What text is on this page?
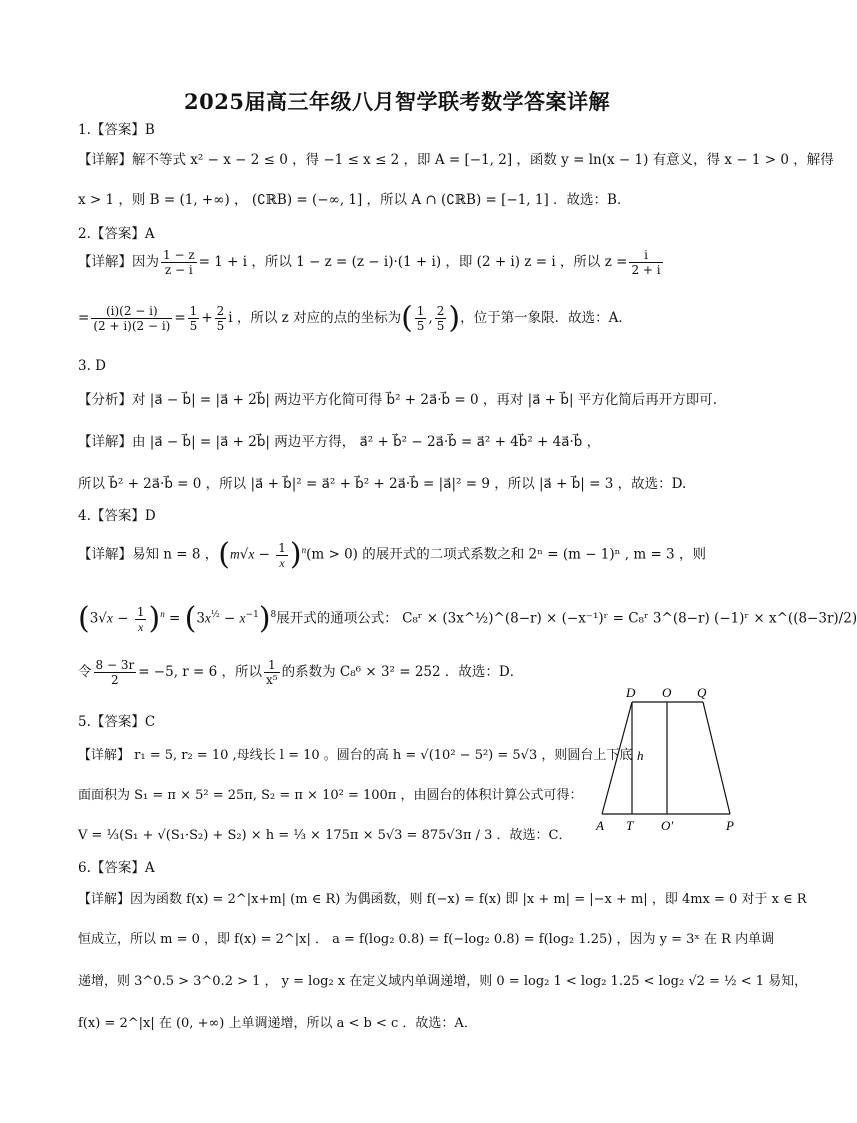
2025届高三年级八月智学联考数学答案详解
1.【答案】B
【详解】解不等式 x² − x − 2 ≤ 0 ，得 −1 ≤ x ≤ 2 ，即 A = [−1, 2] ，函数 y = ln(x − 1) 有意义，得 x − 1 > 0 ，解得
x > 1 ，则 B = (1, +∞) ， (∁ℝB) = (−∞, 1] ，所以 A ∩ (∁ℝB) = [−1, 1] ．故选：B．
2.【答案】A
【详解】因为 $\frac{1 - z}{z - i} = 1 + i$ ，所以 1 − z = (z − i)·(1 + i) ，即 (2 + i) z = i ，所以 $z = \frac{i}{2 + i}$
= $\frac{(i)(2 - i)}{(2 + i)(2 - i)} = \frac{1}{5} + \frac{2}{5}$ i ，所以 z 对应的点的坐标为( $\frac{1}{5}$ , $\frac{2}{5}$ )，位于第一象限．故选：A．
3. D
【分析】对 |a⃗ − b⃗| = |a⃗ + 2b⃗| 两边平方化简可得 b⃗² + 2a⃗·b⃗ = 0 ，再对 |a⃗ + b⃗| 平方化简后再开方即可.
【详解】由 |a⃗ − b⃗| = |a⃗ + 2b⃗| 两边平方得， a⃗² + b⃗² − 2a⃗·b⃗ = a⃗² + 4b⃗² + 4a⃗·b⃗ ，
所以 b⃗² + 2a⃗·b⃗ = 0 ，所以 |a⃗ + b⃗|² = a⃗² + b⃗² + 2a⃗·b⃗ = |a⃗|² = 9 ，所以 |a⃗ + b⃗| = 3 ，故选：D.
4.【答案】D
【详解】易知 n = 8 ，$(m√x - \frac{1}{x} )^n(m > 0)$ 的展开式的二项式系数之和 2ⁿ = (m − 1)ⁿ , m = 3 ，则
$(3√x - \frac{1}{x} )^n = (3x^{\frac{1}{2}} - x^{-1})^8$展开式的通项公式： C₈ʳ × (3x^½)^(8−r) × (−x⁻¹)ʳ = C₈ʳ 3^(8−r) (−1)ʳ × x^((8−3r)/2)
令 $\frac{8 - 3r}{2} = -5$, r = 6 ，所以 $\frac{1}{\text{x⁵}}$ 的系数为 C₈⁶ × 3² = 252 ．故选：D．
5.【答案】C
【详解】 r₁ = 5, r₂ = 10 ,母线长 l = 10 。圆台的高 h = √(10² − 5²) = 5√3 ，则圆台上下底
面面积为 S₁ = π × 5² = 25π, S₂ = π × 10² = 100π ，由圆台的体积计算公式可得：
V = ⅓(S₁ + √(S₁·S₂) + S₂) × h = ⅓ × 175π × 5√3 = 875√3π / 3 ．故选：C．
D O Q
h
A T O′	P
6.【答案】A
【详解】因为函数 f(x) = 2^|x+m| (m ∈ R) 为偶函数，则 f(−x) = f(x) 即 |x + m| = |−x + m| ，即 4mx = 0 对于 x ∈ R
恒成立，所以 m = 0 ，即 f(x) = 2^|x| ． a = f(log₂ 0.8) = f(−log₂ 0.8) = f(log₂ 1.25) ，因为 y = 3ˣ 在 R 内单调
递增，则 3^0.5 > 3^0.2 > 1 ， y = log₂ x 在定义域内单调递增，则 0 = log₂ 1 < log₂ 1.25 < log₂ √2 = ½ < 1 易知，
f(x) = 2^|x| 在 (0, +∞) 上单调递增，所以 a < b < c ．故选：A．
